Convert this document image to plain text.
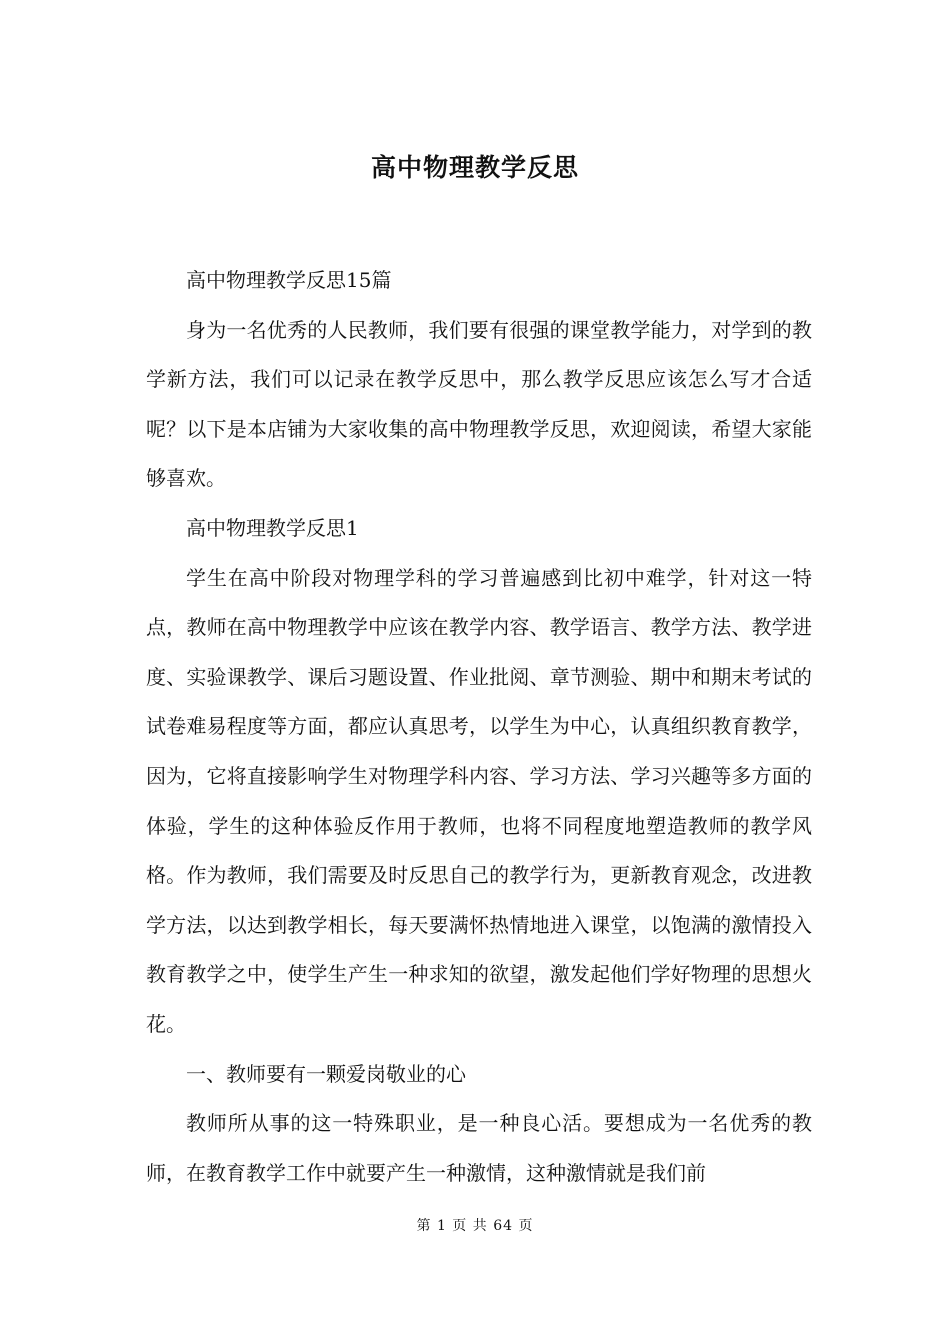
高中物理教学反思

高中物理教学反思15篇

身为一名优秀的人民教师，我们要有很强的课堂教学能力，对学到的教学新方法，我们可以记录在教学反思中，那么教学反思应该怎么写才合适呢？以下是本店铺为大家收集的高中物理教学反思，欢迎阅读，希望大家能够喜欢。

高中物理教学反思1

学生在高中阶段对物理学科的学习普遍感到比初中难学，针对这一特点，教师在高中物理教学中应该在教学内容、教学语言、教学方法、教学进度、实验课教学、课后习题设置、作业批阅、章节测验、期中和期末考试的试卷难易程度等方面，都应认真思考，以学生为中心，认真组织教育教学，因为，它将直接影响学生对物理学科内容、学习方法、学习兴趣等多方面的体验，学生的这种体验反作用于教师，也将不同程度地塑造教师的教学风格。作为教师，我们需要及时反思自己的教学行为，更新教育观念，改进教学方法，以达到教学相长，每天要满怀热情地进入课堂，以饱满的激情投入教育教学之中，使学生产生一种求知的欲望，激发起他们学好物理的思想火花。

一、教师要有一颗爱岗敬业的心

教师所从事的这一特殊职业，是一种良心活。要想成为一名优秀的教师，在教育教学工作中就要产生一种激情，这种激情就是我们前

第 1 页 共 64 页
